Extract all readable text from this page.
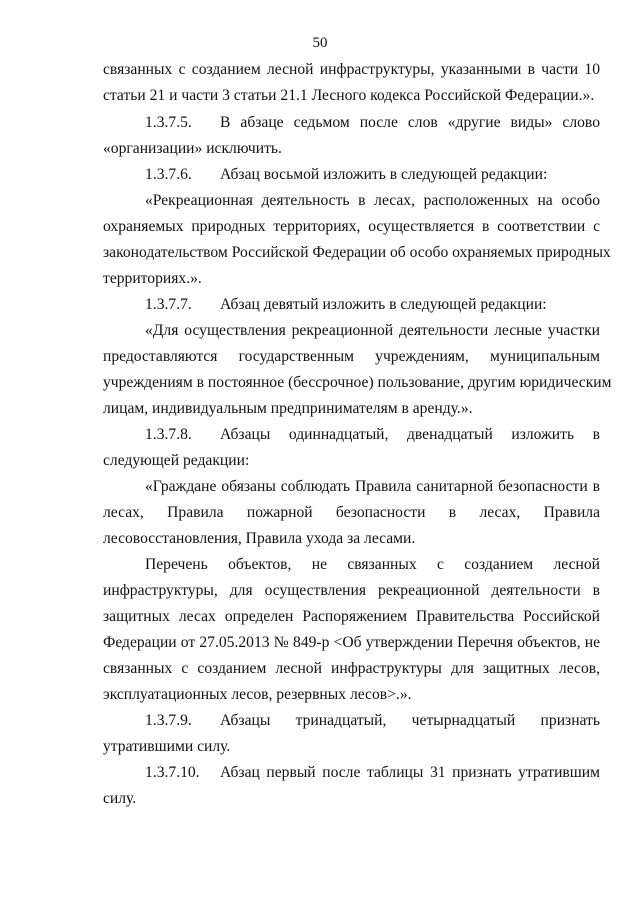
50
связанных с созданием лесной инфраструктуры, указанными в части 10
статьи 21 и части 3 статьи 21.1 Лесного кодекса Российской Федерации.».
1.3.7.5. В абзаце седьмом после слов «другие виды» слово
«организации» исключить.
1.3.7.6. Абзац восьмой изложить в следующей редакции:
«Рекреационная деятельность в лесах, расположенных на особо
охраняемых природных территориях, осуществляется в соответствии с
законодательством Российской Федерации об особо охраняемых природных
территориях.».
1.3.7.7. Абзац девятый изложить в следующей редакции:
«Для осуществления рекреационной деятельности лесные участки
предоставляются государственным учреждениям, муниципальным
учреждениям в постоянное (бессрочное) пользование, другим юридическим
лицам, индивидуальным предпринимателям в аренду.».
1.3.7.8. Абзацы одиннадцатый, двенадцатый изложить в
следующей редакции:
«Граждане обязаны соблюдать Правила санитарной безопасности в
лесах, Правила пожарной безопасности в лесах, Правила
лесовосстановления, Правила ухода за лесами.
Перечень объектов, не связанных с созданием лесной
инфраструктуры, для осуществления рекреационной деятельности в
защитных лесах определен Распоряжением Правительства Российской
Федерации от 27.05.2013 № 849-р <Об утверждении Перечня объектов, не
связанных с созданием лесной инфраструктуры для защитных лесов,
эксплуатационных лесов, резервных лесов>.».
1.3.7.9. Абзацы тринадцатый, четырнадцатый признать
утратившими силу.
1.3.7.10. Абзац первый после таблицы 31 признать утратившим
силу.
